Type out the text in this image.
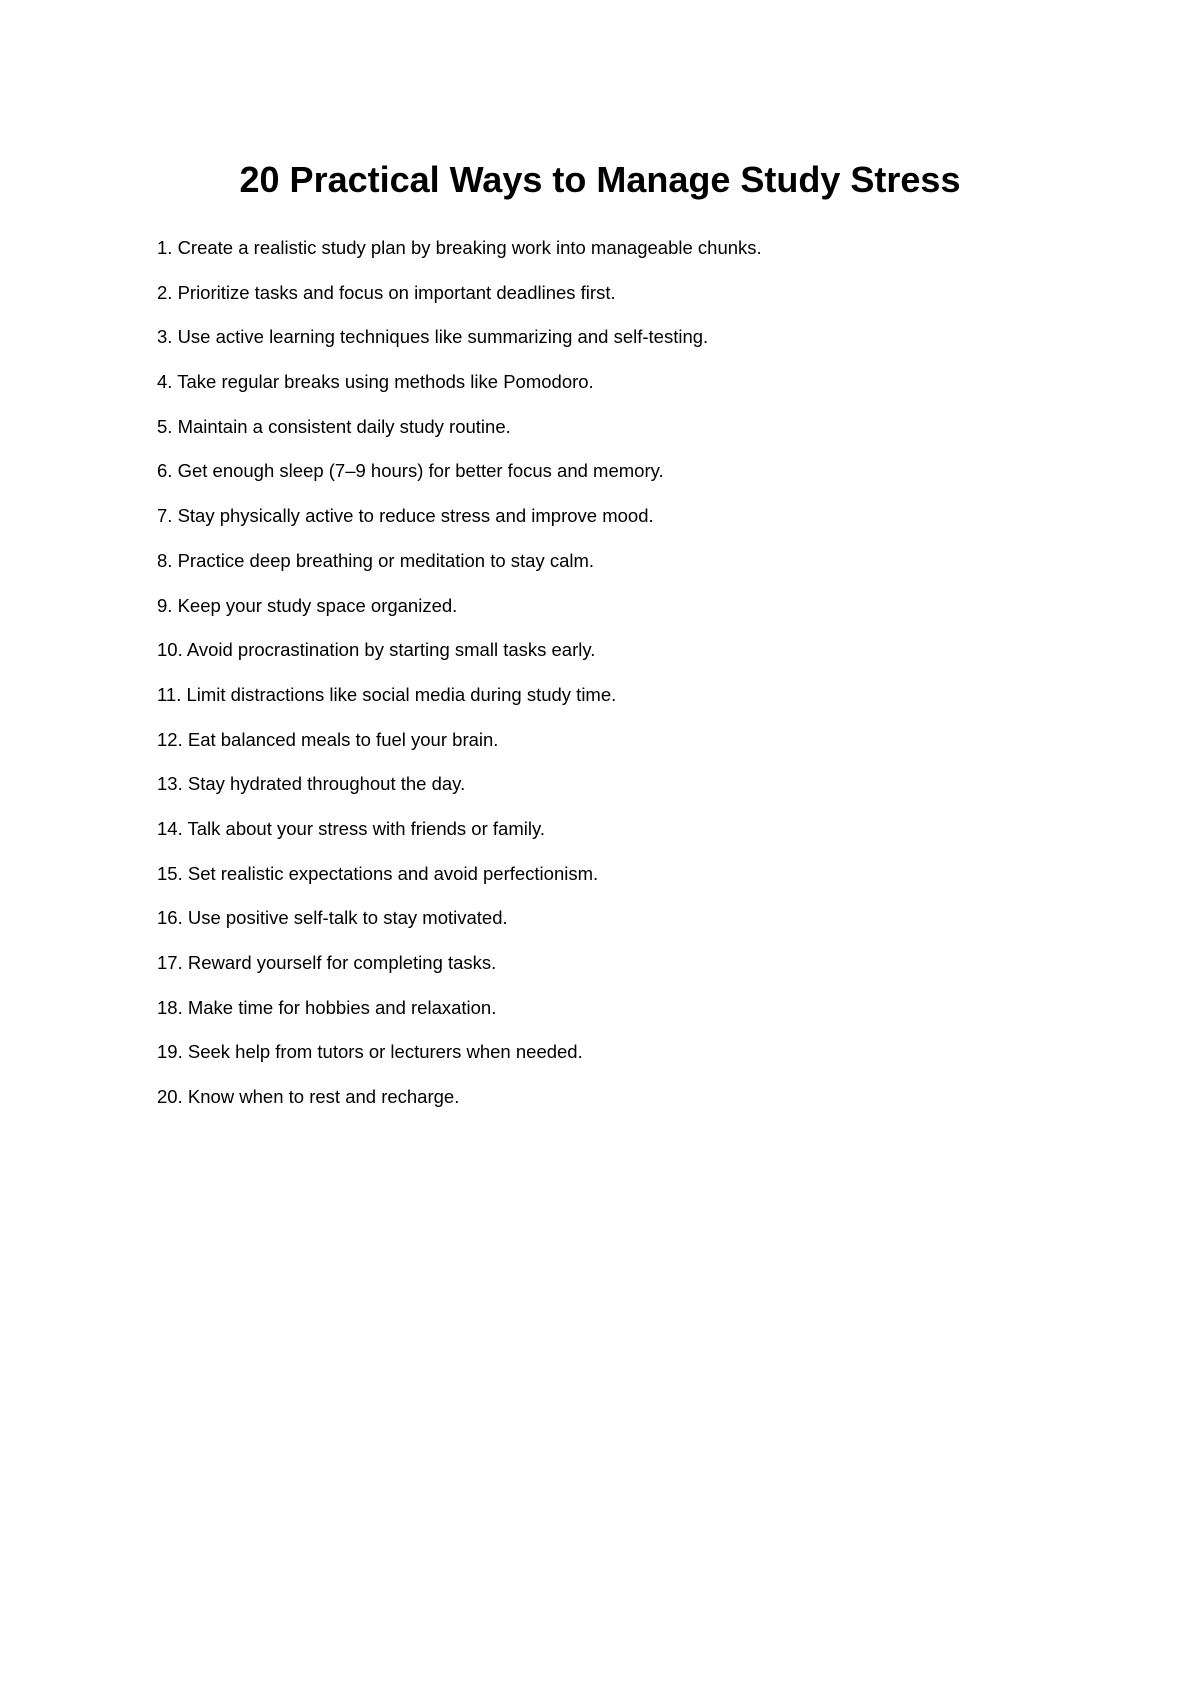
20 Practical Ways to Manage Study Stress
1. Create a realistic study plan by breaking work into manageable chunks.
2. Prioritize tasks and focus on important deadlines first.
3. Use active learning techniques like summarizing and self-testing.
4. Take regular breaks using methods like Pomodoro.
5. Maintain a consistent daily study routine.
6. Get enough sleep (7–9 hours) for better focus and memory.
7. Stay physically active to reduce stress and improve mood.
8. Practice deep breathing or meditation to stay calm.
9. Keep your study space organized.
10. Avoid procrastination by starting small tasks early.
11. Limit distractions like social media during study time.
12. Eat balanced meals to fuel your brain.
13. Stay hydrated throughout the day.
14. Talk about your stress with friends or family.
15. Set realistic expectations and avoid perfectionism.
16. Use positive self-talk to stay motivated.
17. Reward yourself for completing tasks.
18. Make time for hobbies and relaxation.
19. Seek help from tutors or lecturers when needed.
20. Know when to rest and recharge.
